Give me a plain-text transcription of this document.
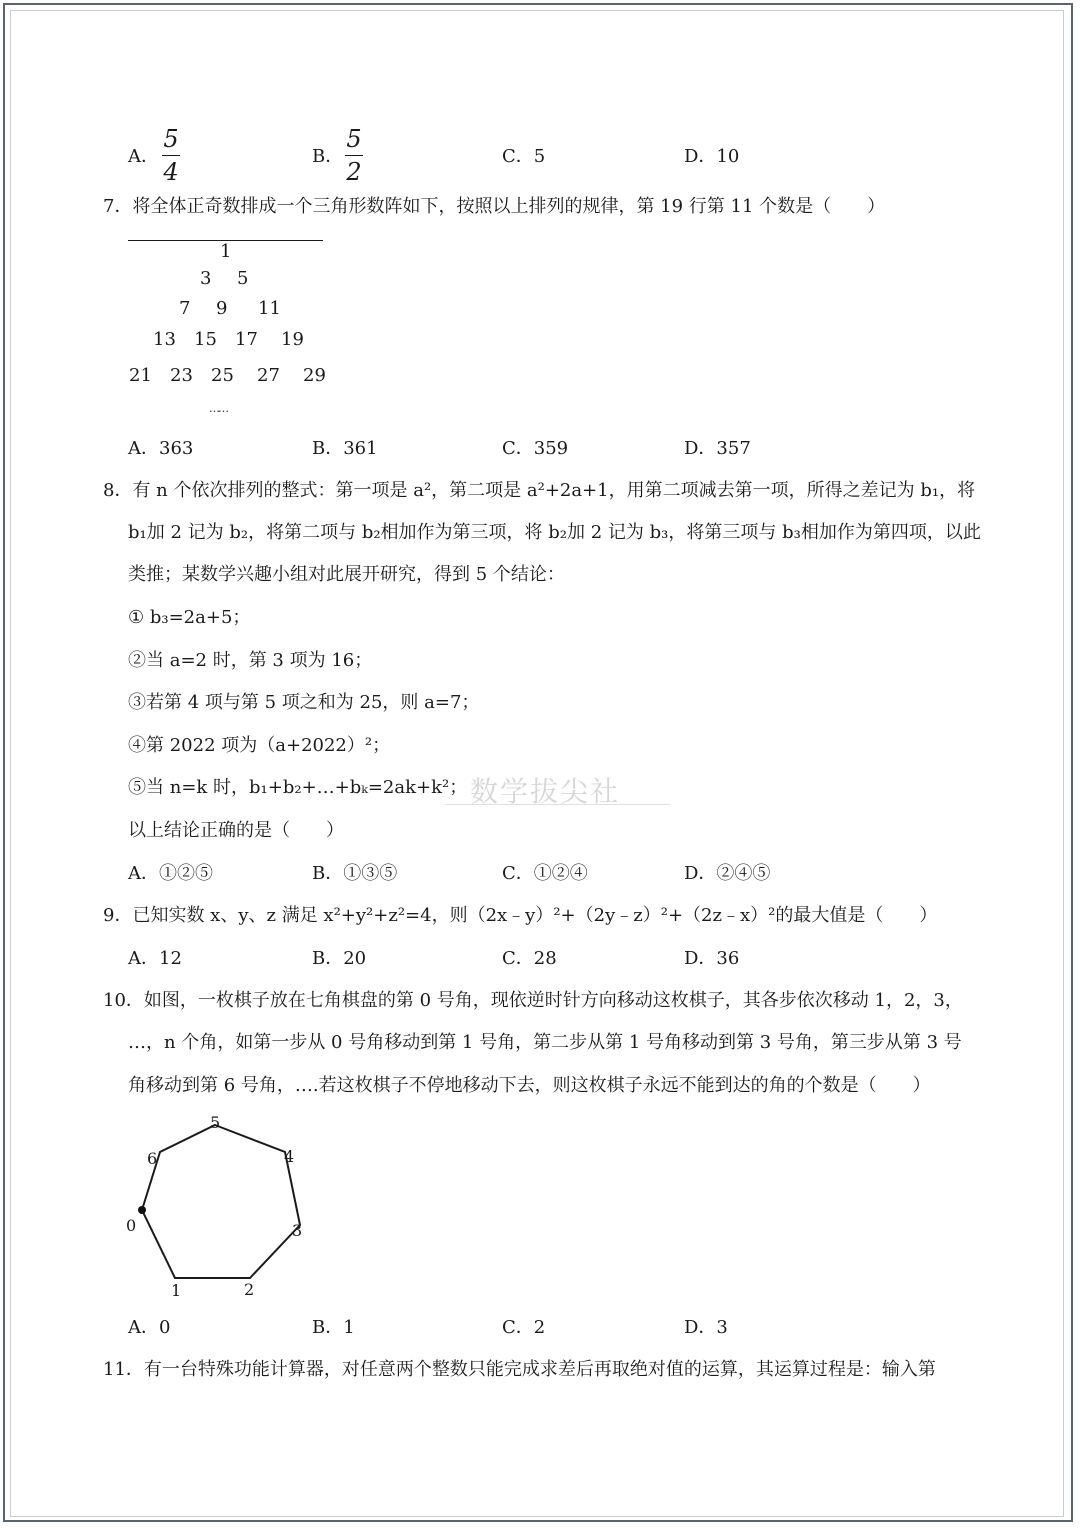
A．
5
4
B．
5
2
C．5	D．10
7．将全体正奇数排成一个三角形数阵如下，按照以上排列的规律，第 19 行第 11 个数是（　　）
1
3 5
7 9 11
13 15 17 19
21 23 25 27 29
……
A．363	B．361	C．359	D．357
8．有 n 个依次排列的整式：第一项是 a²，第二项是 a²+2a+1，用第二项减去第一项，所得之差记为 b₁，将
b₁加 2 记为 b₂，将第二项与 b₂相加作为第三项，将 b₂加 2 记为 b₃，将第三项与 b₃相加作为第四项，以此
类推；某数学兴趣小组对此展开研究，得到 5 个结论：
① b₃=2a+5；
②当 a=2 时，第 3 项为 16；
③若第 4 项与第 5 项之和为 25，则 a=7；
④第 2022 项为（a+2022）²；
⑤当 n=k 时，b₁+b₂+…+bₖ=2ak+k²；
以上结论正确的是（　　）
数学拔尖社
A．①②⑤	B．①③⑤	C．①②④	D．②④⑤
9．已知实数 x、y、z 满足 x²+y²+z²=4，则（2x﹣y）²+（2y﹣z）²+（2z﹣x）²的最大值是（　　）
A．12	B．20	C．28	D．36
10．如图，一枚棋子放在七角棋盘的第 0 号角，现依逆时针方向移动这枚棋子，其各步依次移动 1，2，3，
…，n 个角，如第一步从 0 号角移动到第 1 号角，第二步从第 1 号角移动到第 3 号角，第三步从第 3 号
角移动到第 6 号角，….若这枚棋子不停地移动下去，则这枚棋子永远不能到达的角的个数是（　　）
5
4
3
2
1
0
6
A．0	B．1	C．2	D．3
11．有一台特殊功能计算器，对任意两个整数只能完成求差后再取绝对值的运算，其运算过程是：输入第
